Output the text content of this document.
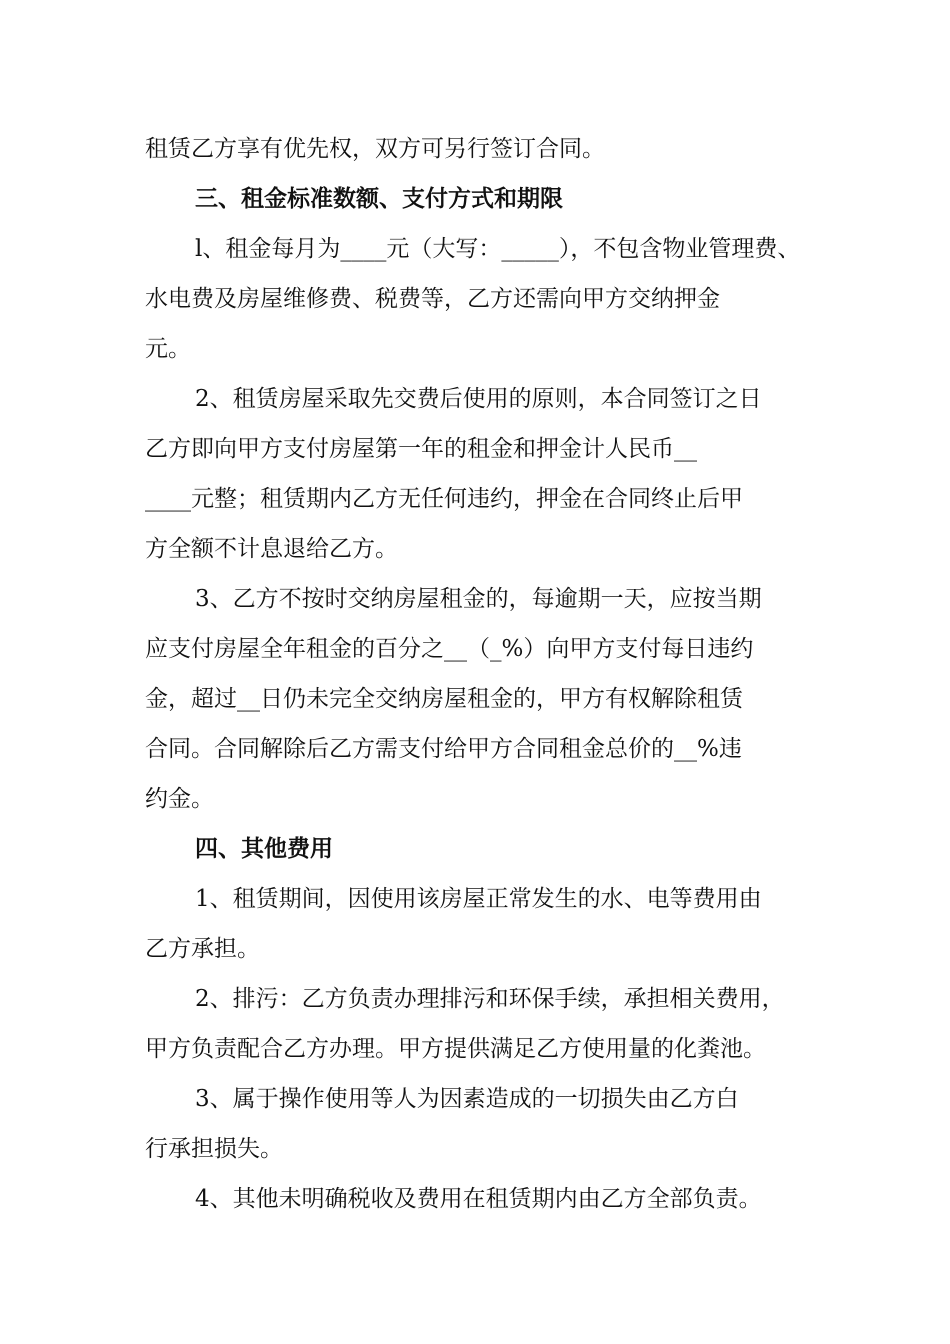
租赁乙方享有优先权，双方可另行签订合同。
三、租金标准数额、支付方式和期限
l、租金每月为____元（大写：_____），不包含物业管理费、
水电费及房屋维修费、税费等，乙方还需向甲方交纳押金
元。
2、租赁房屋采取先交费后使用的原则，本合同签订之日
乙方即向甲方支付房屋第一年的租金和押金计人民币__
____元整；租赁期内乙方无任何违约，押金在合同终止后甲
方全额不计息退给乙方。
3、乙方不按时交纳房屋租金的，每逾期一天，应按当期
应支付房屋全年租金的百分之__（_%）向甲方支付每日违约
金，超过__日仍未完全交纳房屋租金的，甲方有权解除租赁
合同。合同解除后乙方需支付给甲方合同租金总价的__%违
约金。
四、其他费用
1、租赁期间，因使用该房屋正常发生的水、电等费用由
乙方承担。
2、排污：乙方负责办理排污和环保手续，承担相关费用，
甲方负责配合乙方办理。甲方提供满足乙方使用量的化粪池。
3、属于操作使用等人为因素造成的一切损失由乙方白
行承担损失。
4、其他未明确税收及费用在租赁期内由乙方全部负责。
